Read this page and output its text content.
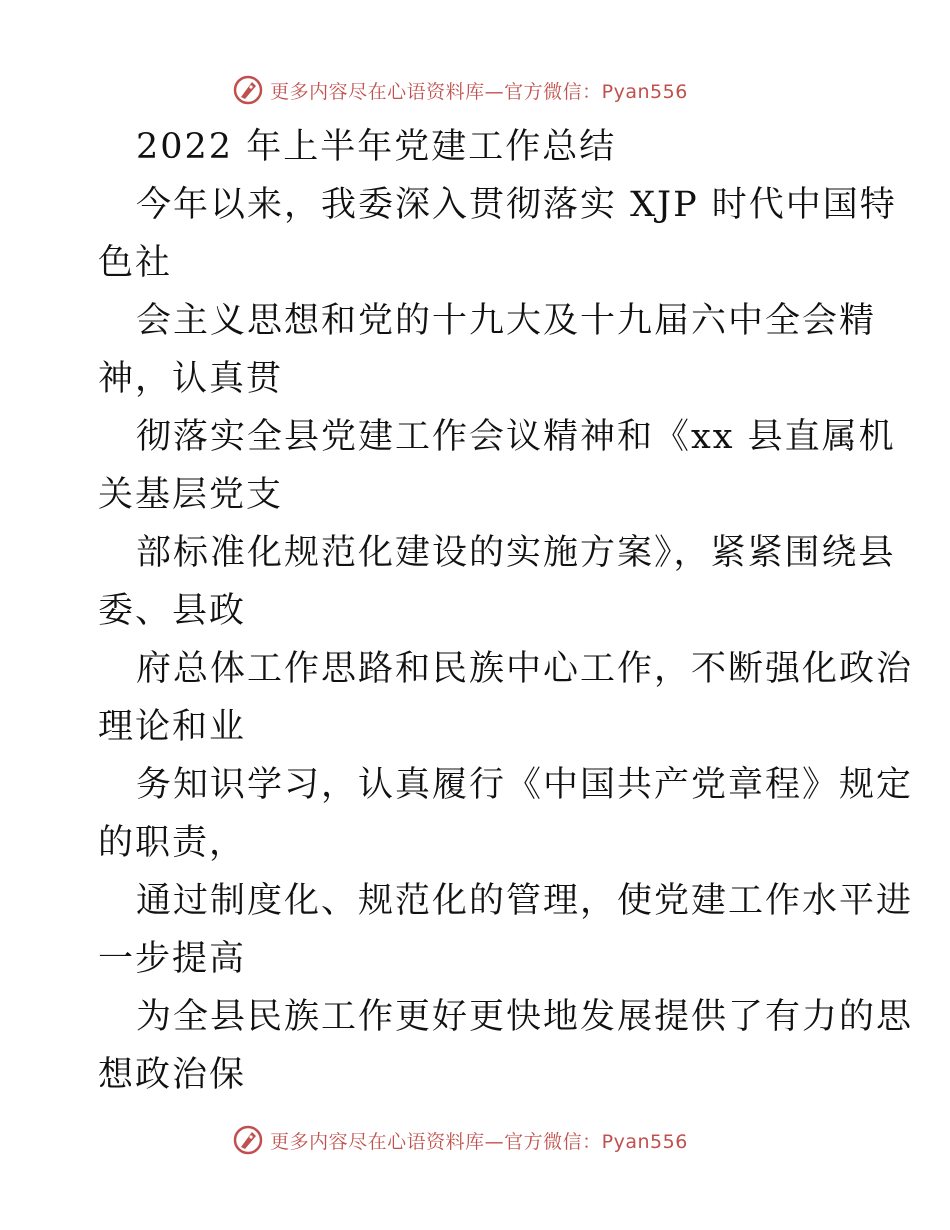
更多内容尽在心语资料库—官方微信：Pyan556
2022 年上半年党建工作总结
今年以来，我委深入贯彻落实 XJP 时代中国特
色社
会主义思想和党的十九大及十九届六中全会精
神，认真贯
彻落实全县党建工作会议精神和《xx 县直属机
关基层党支
部标准化规范化建设的实施方案》，紧紧围绕县
委、县政
府总体工作思路和民族中心工作，不断强化政治
理论和业
务知识学习，认真履行《中国共产党章程》规定
的职责，
通过制度化、规范化的管理，使党建工作水平进
一步提高
为全县民族工作更好更快地发展提供了有力的思
想政治保
更多内容尽在心语资料库—官方微信：Pyan556
